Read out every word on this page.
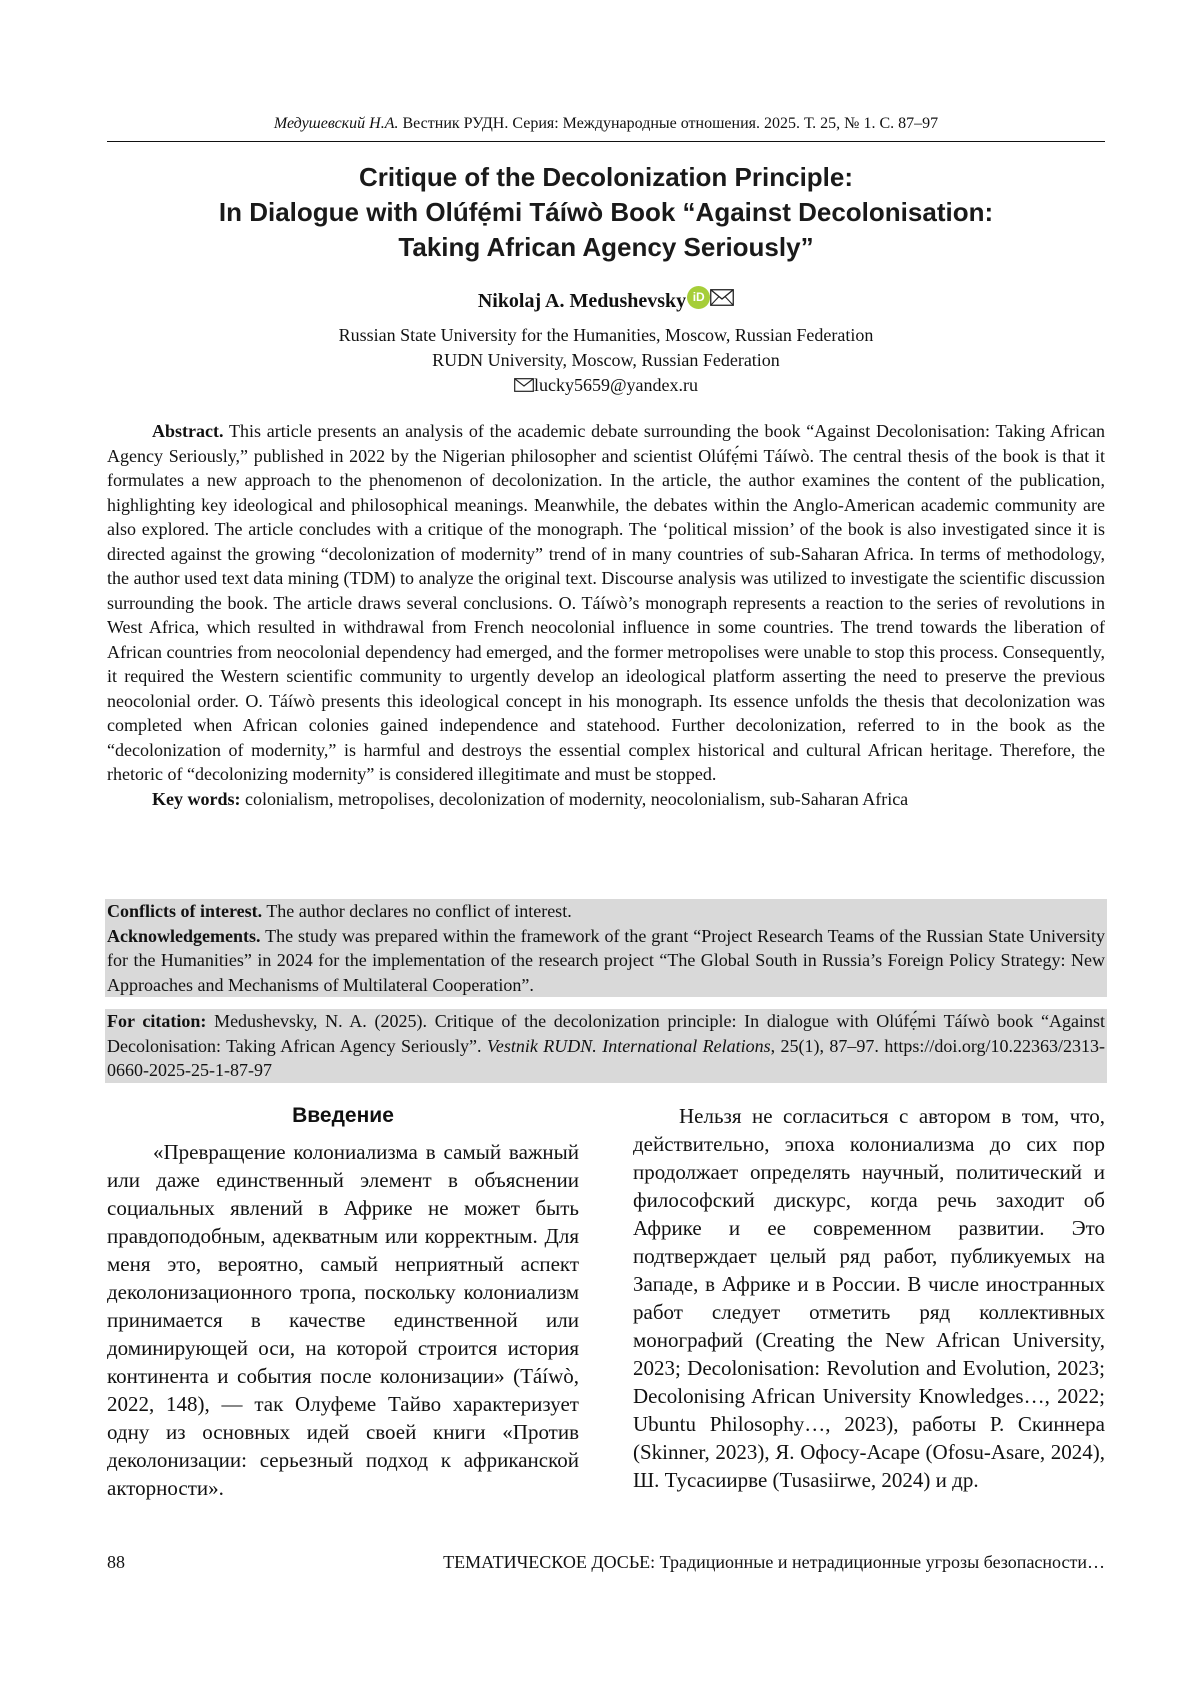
Медушевский Н.А. Вестник РУДН. Серия: Международные отношения. 2025. Т. 25, № 1. С. 87–97
Critique of the Decolonization Principle:
In Dialogue with Olúfẹ́mi Táíwò Book “Against Decolonisation:
Taking African Agency Seriously”
Nikolaj A. Medushevsky iD
Russian State University for the Humanities, Moscow, Russian Federation
RUDN University, Moscow, Russian Federation
lucky5659@yandex.ru

Abstract. This article presents an analysis of the academic debate surrounding the book “Against Decolonisation: Taking African Agency Seriously,” published in 2022 by the Nigerian philosopher and scientist Olúfẹ́mi Táíwò. The central thesis of the book is that it formulates a new approach to the phenomenon of decolonization. In the article, the author examines the content of the publication, highlighting key ideological and philosophical meanings. Meanwhile, the debates within the Anglo-American academic community are also explored. The article concludes with a critique of the monograph. The ‘political mission’ of the book is also investigated since it is directed against the growing “decolonization of modernity” trend of in many countries of sub-Saharan Africa. In terms of methodology, the author used text data mining (TDM) to analyze the original text. Discourse analysis was utilized to investigate the scientific discussion surrounding the book. The article draws several conclusions. O. Táíwò’s monograph represents a reaction to the series of revolutions in West Africa, which resulted in withdrawal from French neocolonial influence in some countries. The trend towards the liberation of African countries from neocolonial dependency had emerged, and the former metropolises were unable to stop this process. Consequently, it required the Western scientific community to urgently develop an ideological platform asserting the need to preserve the previous neocolonial order. O. Táíwò presents this ideological concept in his monograph. Its essence unfolds the thesis that decolonization was completed when African colonies gained independence and statehood. Further decolonization, referred to in the book as the “decolonization of modernity,” is harmful and destroys the essential complex historical and cultural African heritage. Therefore, the rhetoric of “decolonizing modernity” is considered illegitimate and must be stopped.

Key words: colonialism, metropolises, decolonization of modernity, neocolonialism, sub-Saharan Africa

Conflicts of interest. The author declares no conflict of interest.

Acknowledgements. The study was prepared within the framework of the grant “Project Research Teams of the Russian State University for the Humanities” in 2024 for the implementation of the research project “The Global South in Russia’s Foreign Policy Strategy: New Approaches and Mechanisms of Multilateral Cooperation”.

For citation: Medushevsky, N. A. (2025). Critique of the decolonization principle: In dialogue with Olúfẹ́mi Táíwò book “Against Decolonisation: Taking African Agency Seriously”. Vestnik RUDN. International Relations, 25(1), 87–97. https://doi.org/10.22363/2313-0660-2025-25-1-87-97

Введение

«Превращение колониализма в самый важный или даже единственный элемент в объяснении социальных явлений в Африке не может быть правдоподобным, адекватным или корректным. Для меня это, вероятно, самый неприятный аспект деколонизационного тропа, поскольку колониализм принимается в качестве единственной или доминирующей оси, на которой строится история континента и события после колонизации» (Táíwò, 2022, 148), — так Олуфеме Тайво характеризует одну из основных идей своей книги «Против деколонизации: серьезный подход к африканской акторности».

Нельзя не согласиться с автором в том, что, действительно, эпоха колониализма до сих пор продолжает определять научный, политический и философский дискурс, когда речь заходит об Африке и ее современном развитии. Это подтверждает целый ряд работ, публикуемых на Западе, в Африке и в России. В числе иностранных работ следует отметить ряд коллективных монографий (Creating the New African University, 2023; Decolonisation: Revolution and Evolution, 2023; Decolonising African University Knowledges…, 2022; Ubuntu Philosophy…, 2023), работы Р. Скиннера (Skinner, 2023), Я. Офосу-Асаре (Ofosu-Asare, 2024), Ш. Тусасиирве (Tusasiirwe, 2024) и др.

88	ТЕМАТИЧЕСКОЕ ДОСЬЕ: Традиционные и нетрадиционные угрозы безопасности…
